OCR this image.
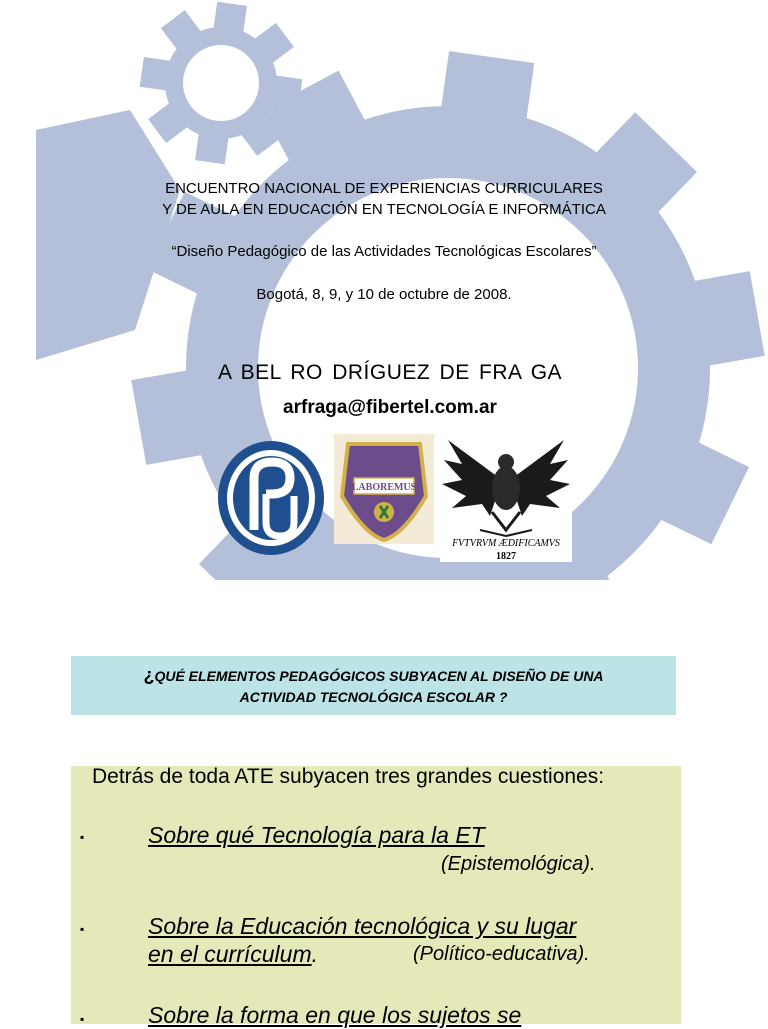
ENCUENTRO NACIONAL DE EXPERIENCIAS CURRICULARES
Y DE AULA EN EDUCACIÓN EN TECNOLOGÍA E INFORMÁTICA
“Diseño Pedagógico de las Actividades Tecnológicas Escolares”
Bogotá, 8, 9, y 10 de octubre de 2008.
A BEL RO DRÍGUEZ DE FRA GA
arfraga@fibertel.com.ar
LABOREMUS
FVTVRVM ÆDIFICAMVS
1827
¿QUÉ ELEMENTOS PEDAGÓGICOS SUBYACEN AL DISEÑO DE UNA
ACTIVIDAD TECNOLÓGICA ESCOLAR ?
Detrás de toda ATE subyacen tres grandes cuestiones:
▪	Sobre qué Tecnología para la ET
(Epistemológica).
▪	Sobre la Educación tecnológica y su lugar
en el currículum.	(Político-educativa).
▪	Sobre la forma en que los sujetos se
